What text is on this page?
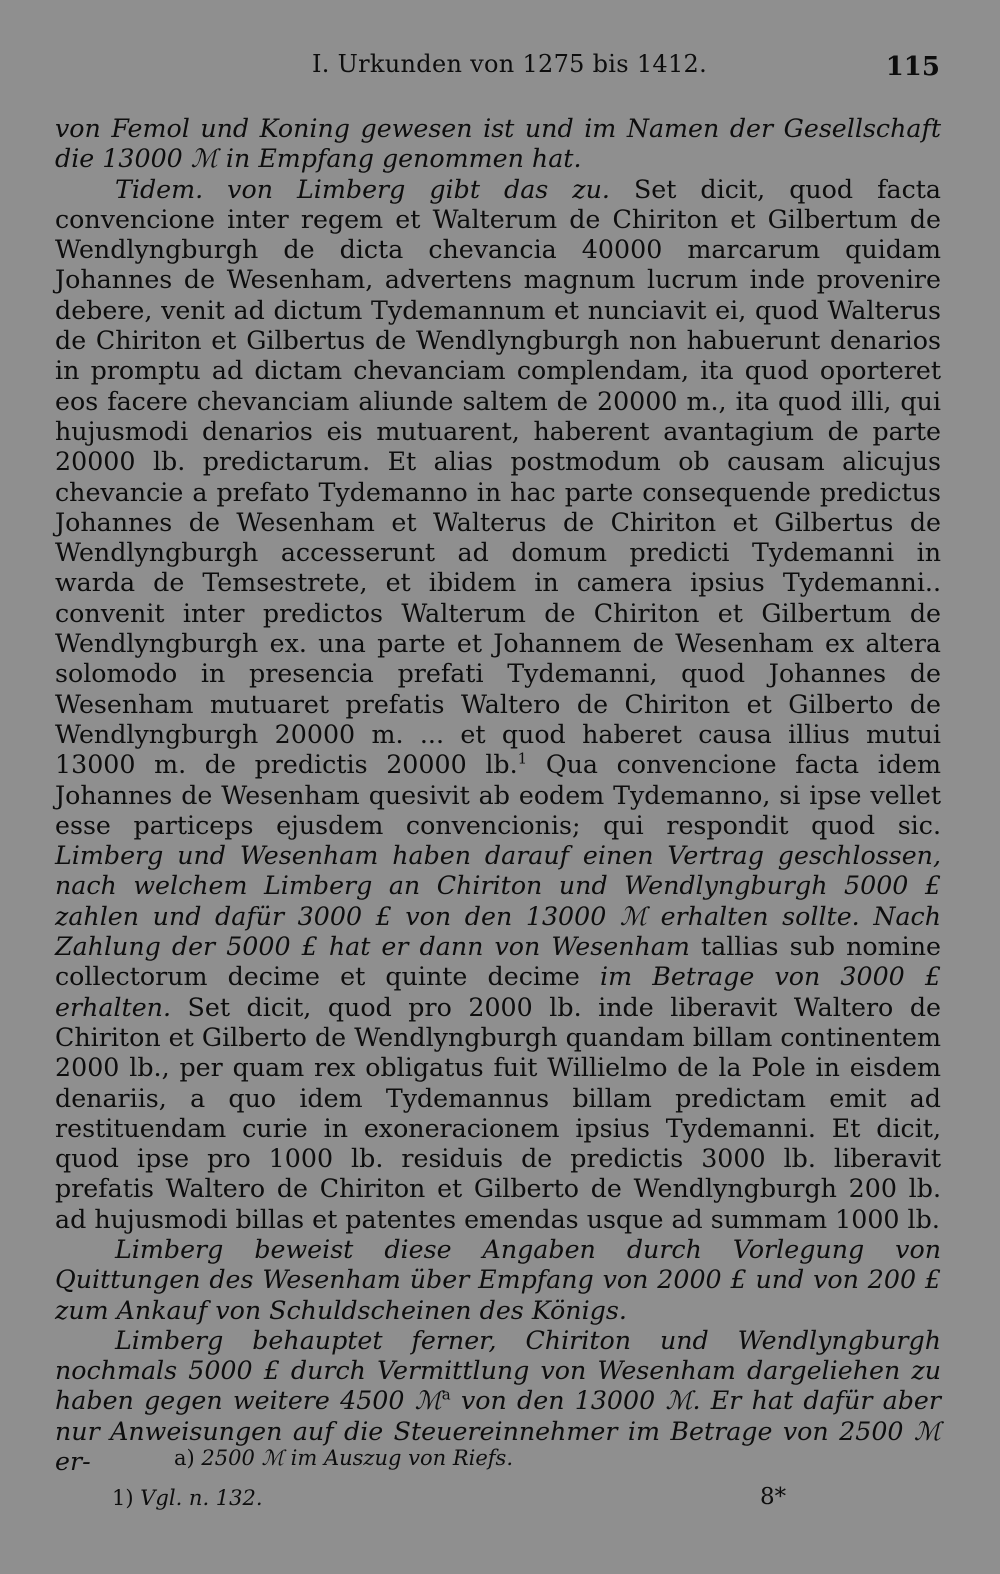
I. Urkunden von 1275 bis 1412.	115

von Femol und Koning gewesen ist und im Namen der Gesellschaft die 13000 ℳ in Empfang genommen hat.

Tidem. von Limberg gibt das zu. Set dicit, quod facta convencione inter regem et Walterum de Chiriton et Gilbertum de Wendlyngburgh de dicta chevancia 40000 marcarum quidam Johannes de Wesenham, advertens magnum lucrum inde provenire debere, venit ad dictum Tydemannum et nunciavit ei, quod Walterus de Chiriton et Gilbertus de Wendlyngburgh non habuerunt denarios in promptu ad dictam chevanciam complendam, ita quod oporteret eos facere chevanciam aliunde saltem de 20000 m., ita quod illi, qui hujusmodi denarios eis mutuarent, haberent avantagium de parte 20000 lb. predictarum. Et alias postmodum ob causam alicujus chevancie a prefato Tydemanno in hac parte consequende predictus Johannes de Wesenham et Walterus de Chiriton et Gilbertus de Wendlyngburgh accesserunt ad domum predicti Tydemanni in warda de Temsestrete, et ibidem in camera ipsius Tydemanni.. convenit inter predictos Walterum de Chiriton et Gilbertum de Wendlyngburgh ex. una parte et Johannem de Wesenham ex altera solomodo in presencia prefati Tydemanni, quod Johannes de Wesenham mutuaret prefatis Waltero de Chiriton et Gilberto de Wendlyngburgh 20000 m. ... et quod haberet causa illius mutui 13000 m. de predictis 20000 lb.$^1$ Qua convencione facta idem Johannes de Wesenham quesivit ab eodem Tydemanno, si ipse vellet esse particeps ejusdem convencionis; qui respondit quod sic. Limberg und Wesenham haben darauf einen Vertrag geschlossen, nach welchem Limberg an Chiriton und Wendlyngburgh 5000 £ zahlen und dafür 3000 £ von den 13000 ℳ erhalten sollte. Nach Zahlung der 5000 £ hat er dann von Wesenham tallias sub nomine collectorum decime et quinte decime im Betrage von 3000 £ erhalten. Set dicit, quod pro 2000 lb. inde liberavit Waltero de Chiriton et Gilberto de Wendlyngburgh quandam billam continentem 2000 lb., per quam rex obligatus fuit Willielmo de la Pole in eisdem denariis, a quo idem Tydemannus billam predictam emit ad restituendam curie in exoneracionem ipsius Tydemanni. Et dicit, quod ipse pro 1000 lb. residuis de predictis 3000 lb. liberavit prefatis Waltero de Chiriton et Gilberto de Wendlyngburgh 200 lb. ad hujusmodi billas et patentes emendas usque ad summam 1000 lb.

Limberg beweist diese Angaben durch Vorlegung von Quittungen des Wesenham über Empfang von 2000 £ und von 200 £ zum Ankauf von Schuldscheinen des Königs.

Limberg behauptet ferner, Chiriton und Wendlyngburgh nochmals 5000 £ durch Vermittlung von Wesenham dargeliehen zu haben gegen weitere 4500 ℳ$^a$ von den 13000 ℳ. Er hat dafür aber nur Anweisungen auf die Steuereinnehmer im Betrage von 2500 ℳ er-	a) 2500 ℳ im Auszug von Riefs.
1) Vgl. n. 132.	8*
